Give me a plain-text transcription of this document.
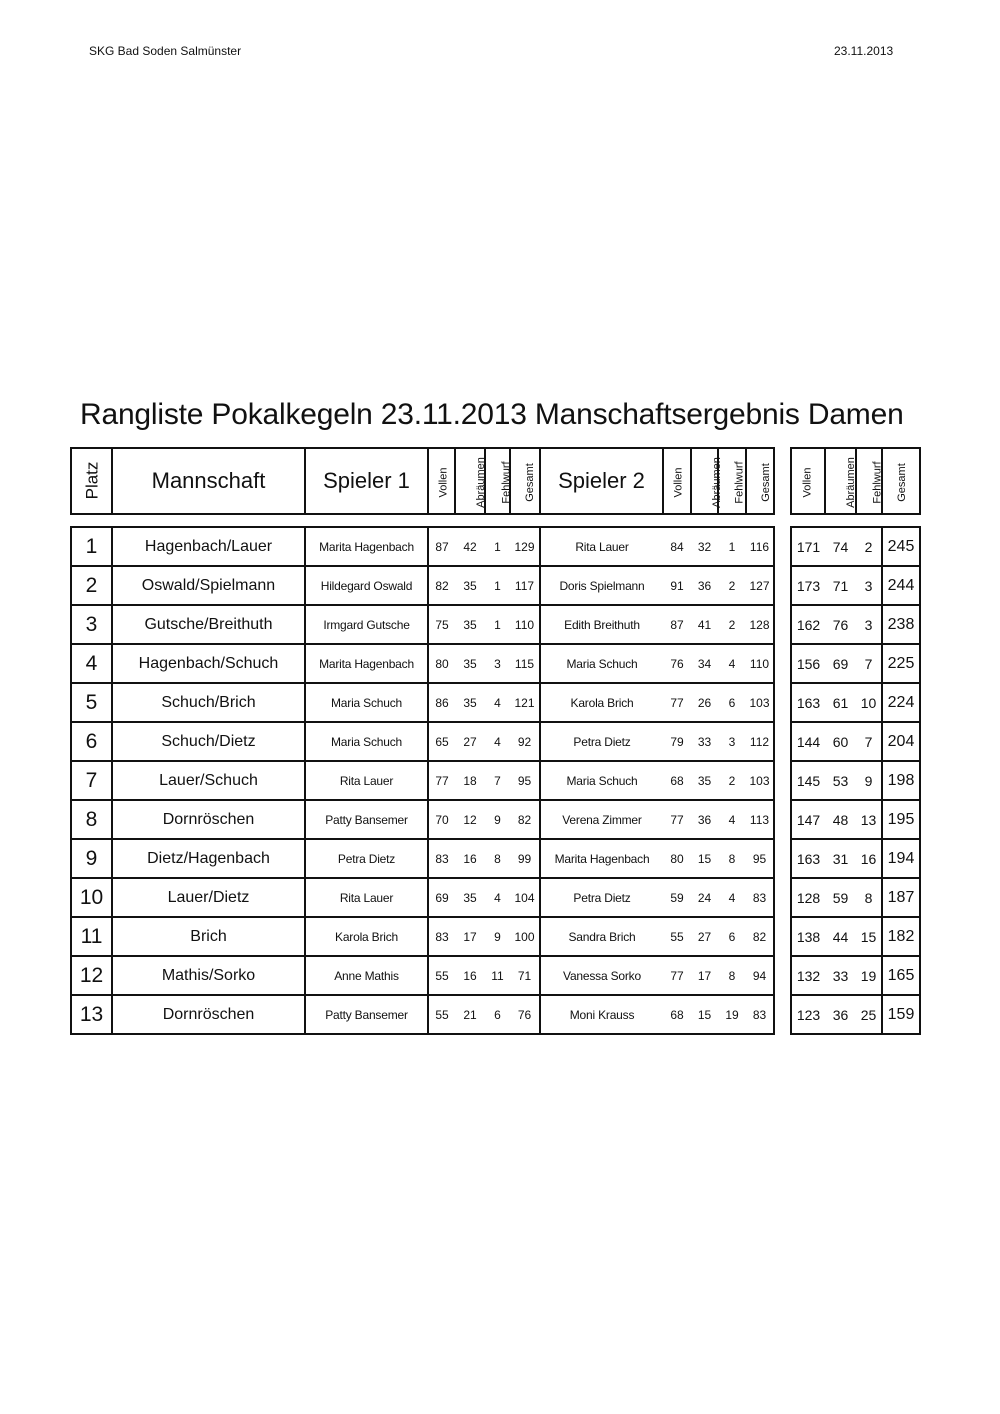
SKG Bad Soden Salmünster	23.11.2013
Rangliste Pokalkegeln 23.11.2013 Manschaftsergebnis Damen
Platz	Mannschaft	Spieler 1	Vollen	Abräumen	Fehlwurf	Gesamt	Spieler 2	Vollen	Abräumen	Fehlwurf	Gesamt		Vollen	Abräumen	Fehlwurf	Gesamt

1	Hagenbach/Lauer	Marita Hagenbach	87	42	1	129	Rita Lauer	84	32	1	116		171	74	2	245
2	Oswald/Spielmann	Hildegard Oswald	82	35	1	117	Doris Spielmann	91	36	2	127		173	71	3	244
3	Gutsche/Breithuth	Irmgard Gutsche	75	35	1	110	Edith Breithuth	87	41	2	128		162	76	3	238
4	Hagenbach/Schuch	Marita Hagenbach	80	35	3	115	Maria Schuch	76	34	4	110		156	69	7	225
5	Schuch/Brich	Maria Schuch	86	35	4	121	Karola Brich	77	26	6	103		163	61	10	224
6	Schuch/Dietz	Maria Schuch	65	27	4	92	Petra Dietz	79	33	3	112		144	60	7	204
7	Lauer/Schuch	Rita Lauer	77	18	7	95	Maria Schuch	68	35	2	103		145	53	9	198
8	Dornröschen	Patty Bansemer	70	12	9	82	Verena Zimmer	77	36	4	113		147	48	13	195
9	Dietz/Hagenbach	Petra Dietz	83	16	8	99	Marita Hagenbach	80	15	8	95		163	31	16	194
10	Lauer/Dietz	Rita Lauer	69	35	4	104	Petra Dietz	59	24	4	83		128	59	8	187
11	Brich	Karola Brich	83	17	9	100	Sandra Brich	55	27	6	82		138	44	15	182
12	Mathis/Sorko	Anne Mathis	55	16	11	71	Vanessa Sorko	77	17	8	94		132	33	19	165
13	Dornröschen	Patty Bansemer	55	21	6	76	Moni Krauss	68	15	19	83		123	36	25	159
